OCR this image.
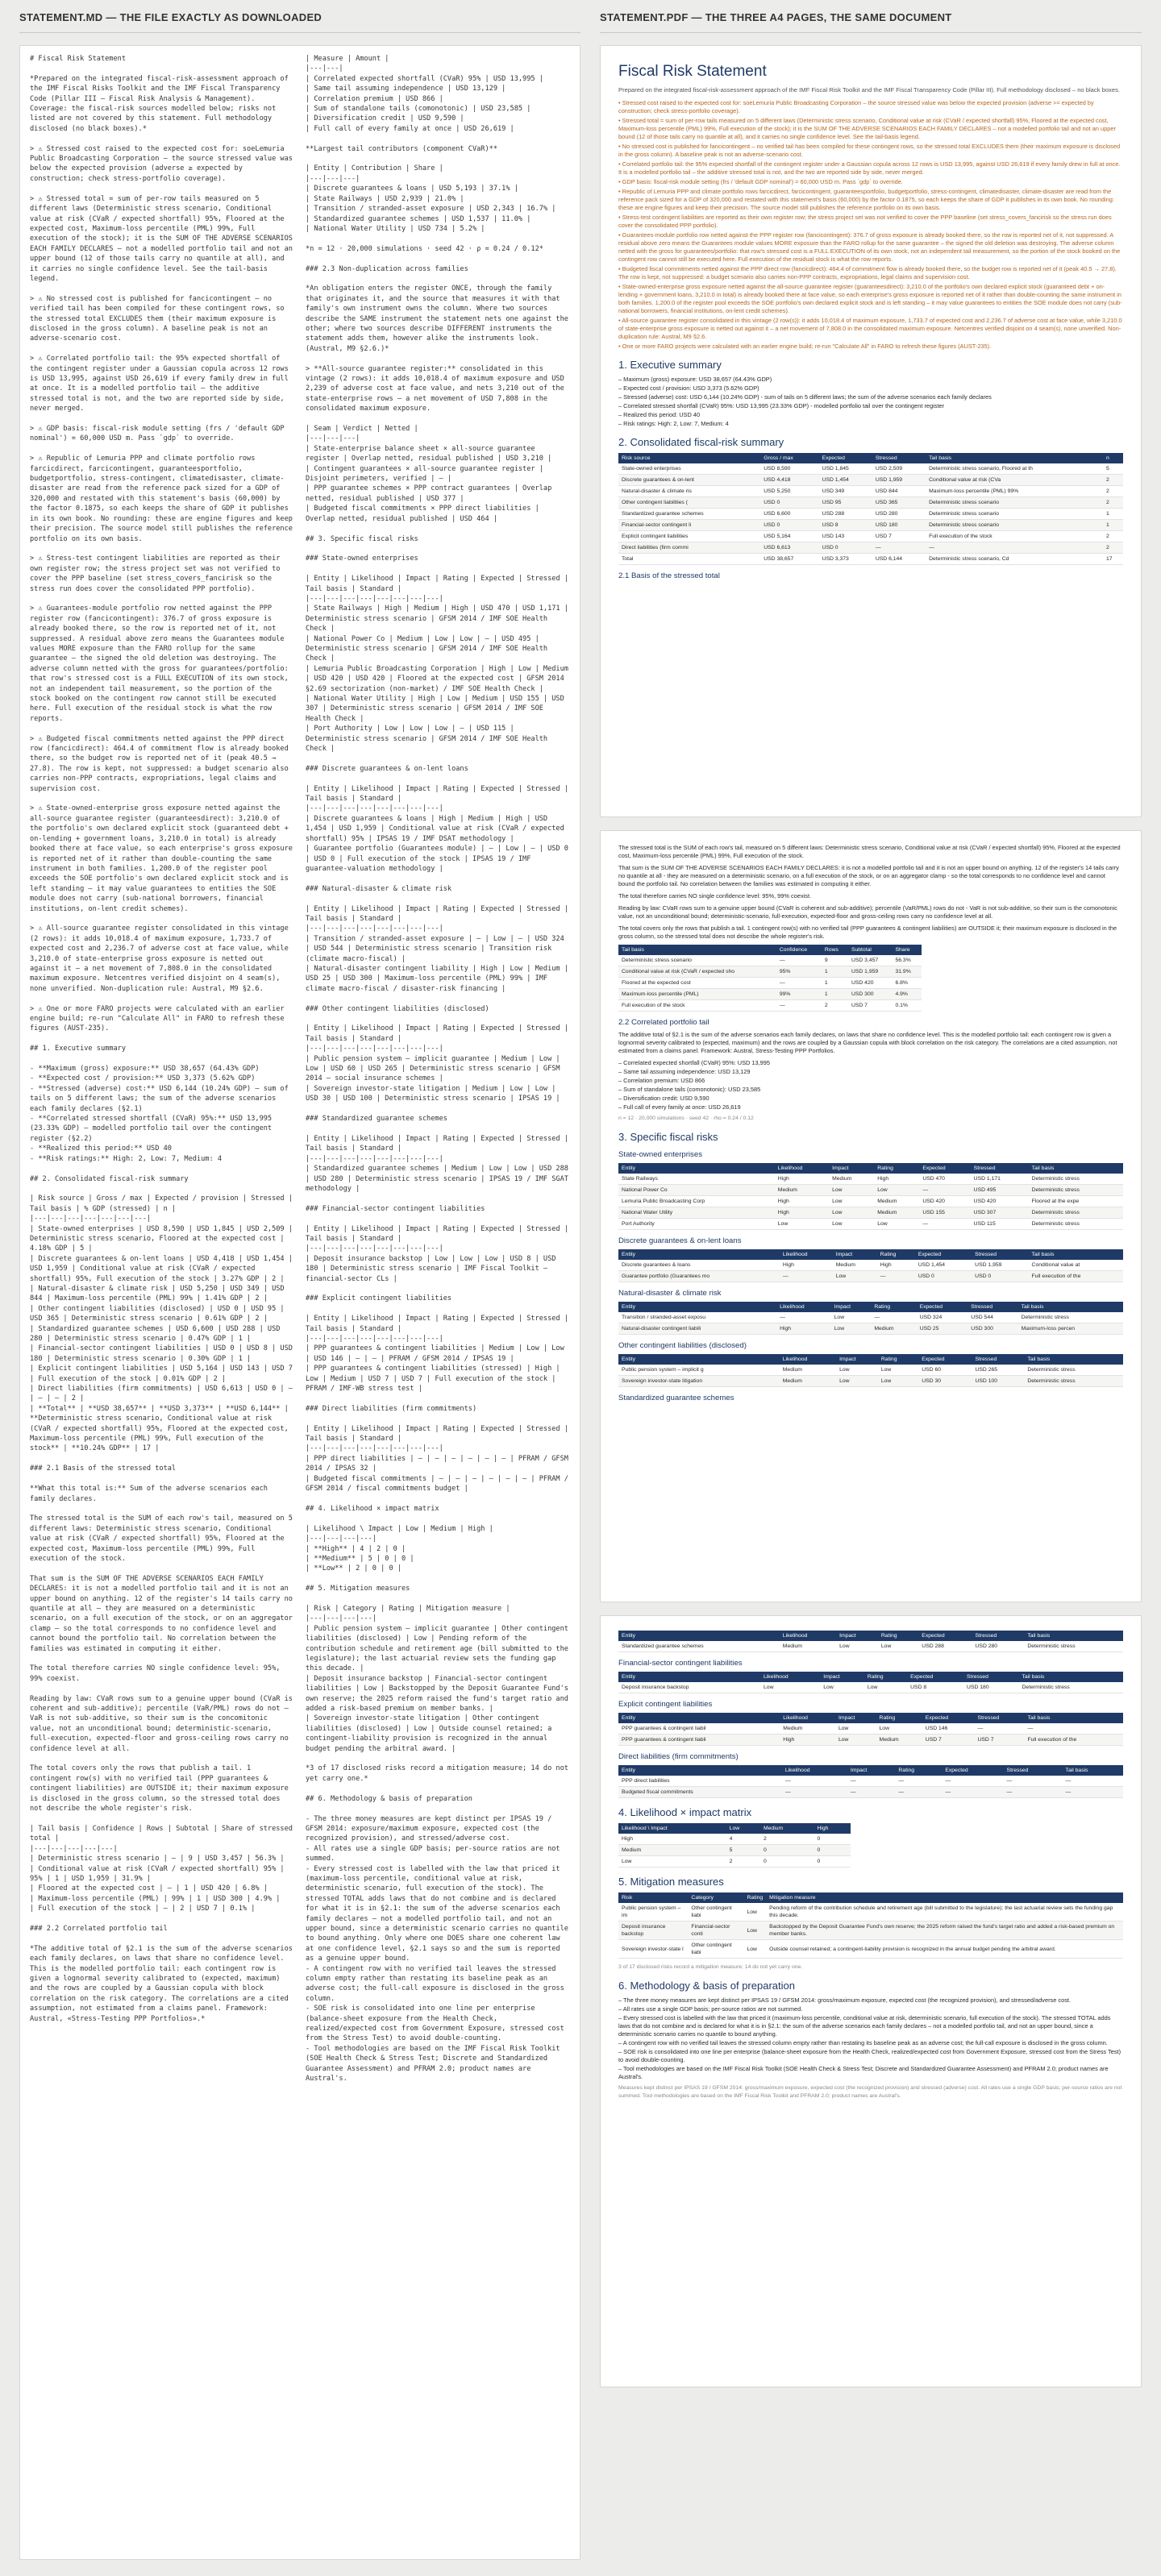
STATEMENT.MD — THE FILE EXACTLY AS DOWNLOADED	STATEMENT.PDF — THE THREE A4 PAGES, THE SAME DOCUMENT
# Fiscal Risk Statement

*Prepared on the integrated fiscal-risk-assessment approach of the IMF Fiscal Risks Toolkit and the IMF Fiscal Transparency Code (Pillar III — Fiscal Risk Analysis & Management). Coverage: the fiscal-risk sources modelled below; risks not listed are not covered by this statement. Full methodology disclosed (no black boxes).*

> ⚠ Stressed cost raised to the expected cost for: soeLemuria Public Broadcasting Corporation — the source stressed value was below the expected provision (adverse ≥ expected by construction; check stress-portfolio coverage).

> ⚠ Stressed total = sum of per-row tails measured on 5 different laws (Deterministic stress scenario, Conditional value at risk (CVaR / expected shortfall) 95%, Floored at the expected cost, Maximum-loss percentile (PML) 99%, Full execution of the stock); it is the SUM OF THE ADVERSE SCENARIOS EACH FAMILY DECLARES — not a modelled portfolio tail and not an upper bound (12 of those tails carry no quantile at all), and it carries no single confidence level. See the tail-basis legend.

> ⚠ No stressed cost is published for fancicontingent — no verified tail has been compiled for these contingent rows, so the stressed total EXCLUDES them (their maximum exposure is disclosed in the gross column). A baseline peak is not an adverse-scenario cost.

> ⚠ Correlated portfolio tail: the 95% expected shortfall of the contingent register under a Gaussian copula across 12 rows is USD 13,995, against USD 26,619 if every family drew in full at once. It is a modelled portfolio tail — the additive stressed total is not, and the two are reported side by side, never merged.

> ⚠ GDP basis: fiscal-risk module setting (frs / 'default GDP nominal') = 60,000 USD m. Pass `gdp` to override.

> ⚠ Republic of Lemuria PPP and climate portfolio rows farcicdirect, farcicontingent, guaranteesportfolio, budgetportfolio, stress-contingent, climatedisaster, climate-disaster are read from the reference pack sized for a GDP of 320,000 and restated with this statement's basis (60,000) by the factor 0.1875, so each keeps the share of GDP it publishes in its own book. No rounding: these are engine figures and keep their precision. The source model still publishes the reference portfolio on its own basis.

> ⚠ Stress-test contingent liabilities are reported as their own register row; the stress project set was not verified to cover the PPP baseline (set stress_covers_fancirisk so the stress run does cover the consolidated PPP portfolio).

> ⚠ Guarantees-module portfolio row netted against the PPP register row (fancicontingent): 376.7 of gross exposure is already booked there, so the row is reported net of it, not suppressed. A residual above zero means the Guarantees module values MORE exposure than the FARO rollup for the same guarantee — the signed the old deletion was destroying. The adverse column netted with the gross for guarantees/portfolio: that row's stressed cost is a FULL EXECUTION of its own stock, not an independent tail measurement, so the portion of the stock booked on the contingent row cannot still be executed here. Full execution of the residual stock is what the row reports.

> ⚠ Budgeted fiscal commitments netted against the PPP direct row (fancicdirect): 464.4 of commitment flow is already booked there, so the budget row is reported net of it (peak 40.5 → 27.8). The row is kept, not suppressed: a budget scenario also carries non-PPP contracts, expropriations, legal claims and supervision cost.

> ⚠ State-owned-enterprise gross exposure netted against the all-source guarantee register (guaranteesdirect): 3,210.0 of the portfolio's own declared explicit stock (guaranteed debt + on-lending + government loans, 3,210.0 in total) is already booked there at face value, so each enterprise's gross exposure is reported net of it rather than double-counting the same instrument in both families. 1,200.0 of the register pool exceeds the SOE portfolio's own declared explicit stock and is left standing — it may value guarantees to entities the SOE module does not carry (sub-national borrowers, financial institutions, on-lent credit schemes).

> ⚠ All-source guarantee register consolidated in this vintage (2 rows): it adds 10,018.4 of maximum exposure, 1,733.7 of expected cost and 2,236.7 of adverse cost at face value, while 3,210.0 of state-enterprise gross exposure is netted out against it — a net movement of 7,808.0 in the consolidated maximum exposure. Netcentres verified disjoint on 4 seam(s), none unverified. Non-duplication rule: Austral, M9 §2.6.

> ⚠ One or more FARO projects were calculated with an earlier engine build; re-run "Calculate All" in FARO to refresh these figures (AUST-235).

## 1. Executive summary

- **Maximum (gross) exposure:** USD 38,657 (64.43% GDP)
- **Expected cost / provision:** USD 3,373 (5.62% GDP)
- **Stressed (adverse) cost:** USD 6,144 (10.24% GDP) — sum of tails on 5 different laws; the sum of the adverse scenarios each family declares (§2.1)
- **Correlated stressed shortfall (CVaR) 95%:** USD 13,995 (23.33% GDP) — modelled portfolio tail over the contingent register (§2.2)
- **Realized this period:** USD 40
- **Risk ratings:** High: 2, Low: 7, Medium: 4

## 2. Consolidated fiscal-risk summary

| Risk source | Gross / max | Expected / provision | Stressed | Tail basis | % GDP (stressed) | n |
|---|---|---|---|---|---|---|
| State-owned enterprises | USD 8,590 | USD 1,845 | USD 2,509 | Deterministic stress scenario, Floored at the expected cost | 4.18% GDP | 5 |
| Discrete guarantees & on-lent loans | USD 4,418 | USD 1,454 | USD 1,959 | Conditional value at risk (CVaR / expected shortfall) 95%, Full execution of the stock | 3.27% GDP | 2 |
| Natural-disaster & climate risk | USD 5,250 | USD 349 | USD 844 | Maximum-loss percentile (PML) 99% | 1.41% GDP | 2 |
| Other contingent liabilities (disclosed) | USD 0 | USD 95 | USD 365 | Deterministic stress scenario | 0.61% GDP | 2 |
| Standardized guarantee schemes | USD 6,600 | USD 288 | USD 280 | Deterministic stress scenario | 0.47% GDP | 1 |
| Financial-sector contingent liabilities | USD 0 | USD 8 | USD 180 | Deterministic stress scenario | 0.30% GDP | 1 |
| Explicit contingent liabilities | USD 5,164 | USD 143 | USD 7 | Full execution of the stock | 0.01% GDP | 2 |
| Direct liabilities (firm commitments) | USD 6,613 | USD 0 | — | — | — | 2 |
| **Total** | **USD 38,657** | **USD 3,373** | **USD 6,144** | **Deterministic stress scenario, Conditional value at risk (CVaR / expected shortfall) 95%, Floored at the expected cost, Maximum-loss percentile (PML) 99%, Full execution of the stock** | **10.24% GDP** | 17 |

### 2.1 Basis of the stressed total

**What this total is:** Sum of the adverse scenarios each family declares.

The stressed total is the SUM of each row's tail, measured on 5 different laws: Deterministic stress scenario, Conditional value at risk (CVaR / expected shortfall) 95%, Floored at the expected cost, Maximum-loss percentile (PML) 99%, Full execution of the stock.

That sum is the SUM OF THE ADVERSE SCENARIOS EACH FAMILY DECLARES: it is not a modelled portfolio tail and it is not an upper bound on anything. 12 of the register's 14 tails carry no quantile at all — they are measured on a deterministic scenario, on a full execution of the stock, or on an aggregator clamp — so the total corresponds to no confidence level and cannot bound the portfolio tail. No correlation between the families was estimated in computing it either.

The total therefore carries NO single confidence level: 95%, 99% coexist.

Reading by law: CVaR rows sum to a genuine upper bound (CVaR is coherent and sub-additive); percentile (VaR/PML) rows do not — VaR is not sub-additive, so their sum is the concomitonic value, not an unconditional bound; deterministic-scenario, full-execution, expected-floor and gross-ceiling rows carry no confidence level at all.

The total covers only the rows that publish a tail. 1 contingent row(s) with no verified tail (PPP guarantees & contingent liabilities) are OUTSIDE it; their maximum exposure is disclosed in the gross column, so the stressed total does not describe the whole register's risk.

| Tail basis | Confidence | Rows | Subtotal | Share of stressed total |
|---|---|---|---|---|
| Deterministic stress scenario | — | 9 | USD 3,457 | 56.3% |
| Conditional value at risk (CVaR / expected shortfall) 95% | 95% | 1 | USD 1,959 | 31.9% |
| Floored at the expected cost | — | 1 | USD 420 | 6.8% |
| Maximum-loss percentile (PML) | 99% | 1 | USD 300 | 4.9% |
| Full execution of the stock | — | 2 | USD 7 | 0.1% |

### 2.2 Correlated portfolio tail

*The additive total of §2.1 is the sum of the adverse scenarios each family declares, on laws that share no confidence level. This is the modelled portfolio tail: each contingent row is given a lognormal severity calibrated to (expected, maximum) and the rows are coupled by a Gaussian copula with block correlation on the risk category. The correlations are a cited assumption, not estimated from a claims panel. Framework: Austral, «Stress-Testing PPP Portfolios».*
| Measure | Amount |
|---|---|
| Correlated expected shortfall (CVaR) 95% | USD 13,995 |
| Same tail assuming independence | USD 13,129 |
| Correlation premium | USD 866 |
| Sum of standalone tails (comonotonic) | USD 23,585 |
| Diversification credit | USD 9,590 |
| Full call of every family at once | USD 26,619 |

**Largest tail contributors (component CVaR)**

| Entity | Contribution | Share |
|---|---|---|
| Discrete guarantees & loans | USD 5,193 | 37.1% |
| State Railways | USD 2,939 | 21.0% |
| Transition / stranded-asset exposure | USD 2,343 | 16.7% |
| Standardized guarantee schemes | USD 1,537 | 11.0% |
| National Water Utility | USD 734 | 5.2% |

*n = 12 · 20,000 simulations · seed 42 · ρ = 0.24 / 0.12*

### 2.3 Non-duplication across families

*An obligation enters the register ONCE, through the family that originates it, and the source that measures it with that family's own instrument owns the column. Where two sources describe the SAME instrument the statement nets one against the other; where two sources describe DIFFERENT instruments the statement adds them, however alike the instruments look. (Austral, M9 §2.6.)*

> **All-source guarantee register:** consolidated in this vintage (2 rows): it adds 10,018.4 of maximum exposure and USD 2,239 of adverse cost at face value, and nets 3,210 out of the state-enterprise rows — a net movement of USD 7,808 in the consolidated maximum exposure.

| Seam | Verdict | Netted |
|---|---|---|
| State-enterprise balance sheet × all-source guarantee register | Overlap netted, residual published | USD 3,210 |
| Contingent guarantees × all-source guarantee register | Disjoint perimeters, verified | — |
| PPP guarantee schemes × PPP contract guarantees | Overlap netted, residual published | USD 377 |
| Budgeted fiscal commitments × PPP direct liabilities | Overlap netted, residual published | USD 464 |

## 3. Specific fiscal risks

### State-owned enterprises

| Entity | Likelihood | Impact | Rating | Expected | Stressed | Tail basis | Standard |
|---|---|---|---|---|---|---|---|
| State Railways | High | Medium | High | USD 470 | USD 1,171 | Deterministic stress scenario | GFSM 2014 / IMF SOE Health Check |
| National Power Co | Medium | Low | Low | — | USD 495 | Deterministic stress scenario | GFSM 2014 / IMF SOE Health Check |
| Lemuria Public Broadcasting Corporation | High | Low | Medium | USD 420 | USD 420 | Floored at the expected cost | GFSM 2014 §2.69 sectorization (non-market) / IMF SOE Health Check |
| National Water Utility | High | Low | Medium | USD 155 | USD 307 | Deterministic stress scenario | GFSM 2014 / IMF SOE Health Check |
| Port Authority | Low | Low | Low | — | USD 115 | Deterministic stress scenario | GFSM 2014 / IMF SOE Health Check |

### Discrete guarantees & on-lent loans

| Entity | Likelihood | Impact | Rating | Expected | Stressed | Tail basis | Standard |
|---|---|---|---|---|---|---|---|
| Discrete guarantees & loans | High | Medium | High | USD 1,454 | USD 1,959 | Conditional value at risk (CVaR / expected shortfall) 95% | IPSAS 19 / IMF DSAT methodology |
| Guarantee portfolio (Guarantees module) | — | Low | — | USD 0 | USD 0 | Full execution of the stock | IPSAS 19 / IMF guarantee-valuation methodology |

### Natural-disaster & climate risk

| Entity | Likelihood | Impact | Rating | Expected | Stressed | Tail basis | Standard |
|---|---|---|---|---|---|---|---|
| Transition / stranded-asset exposure | — | Low | — | USD 324 | USD 544 | Deterministic stress scenario | Transition risk (climate macro-fiscal) |
| Natural-disaster contingent liability | High | Low | Medium | USD 25 | USD 300 | Maximum-loss percentile (PML) 99% | IMF climate macro-fiscal / disaster-risk financing |

### Other contingent liabilities (disclosed)

| Entity | Likelihood | Impact | Rating | Expected | Stressed | Tail basis | Standard |
|---|---|---|---|---|---|---|---|
| Public pension system — implicit guarantee | Medium | Low | Low | USD 60 | USD 265 | Deterministic stress scenario | GFSM 2014 — social insurance schemes |
| Sovereign investor-state litigation | Medium | Low | Low | USD 30 | USD 100 | Deterministic stress scenario | IPSAS 19 |

### Standardized guarantee schemes

| Entity | Likelihood | Impact | Rating | Expected | Stressed | Tail basis | Standard |
|---|---|---|---|---|---|---|---|
| Standardized guarantee schemes | Medium | Low | Low | USD 288 | USD 280 | Deterministic stress scenario | IPSAS 19 / IMF SGAT methodology |

### Financial-sector contingent liabilities

| Entity | Likelihood | Impact | Rating | Expected | Stressed | Tail basis | Standard |
|---|---|---|---|---|---|---|---|
| Deposit insurance backstop | Low | Low | Low | USD 8 | USD 180 | Deterministic stress scenario | IMF Fiscal Toolkit — financial-sector CLs |

### Explicit contingent liabilities

| Entity | Likelihood | Impact | Rating | Expected | Stressed | Tail basis | Standard |
|---|---|---|---|---|---|---|---|
| PPP guarantees & contingent liabilities | Medium | Low | Low | USD 146 | — | — | PFRAM / GFSM 2014 / IPSAS 19 |
| PPP guarantees & contingent liabilities (stressed) | High | Low | Medium | USD 7 | USD 7 | Full execution of the stock | PFRAM / IMF-WB stress test |

### Direct liabilities (firm commitments)

| Entity | Likelihood | Impact | Rating | Expected | Stressed | Tail basis | Standard |
|---|---|---|---|---|---|---|---|
| PPP direct liabilities | — | — | — | — | — | — | PFRAM / GFSM 2014 / IPSAS 32 |
| Budgeted fiscal commitments | — | — | — | — | — | — | PFRAM / GFSM 2014 / fiscal commitments budget |

## 4. Likelihood × impact matrix

| Likelihood \ Impact | Low | Medium | High |
|---|---|---|---|
| **High** | 4 | 2 | 0 |
| **Medium** | 5 | 0 | 0 |
| **Low** | 2 | 0 | 0 |

## 5. Mitigation measures

| Risk | Category | Rating | Mitigation measure |
|---|---|---|---|
| Public pension system — implicit guarantee | Other contingent liabilities (disclosed) | Low | Pending reform of the contribution schedule and retirement age (bill submitted to the legislature); the last actuarial review sets the funding gap this decade. |
| Deposit insurance backstop | Financial-sector contingent liabilities | Low | Backstopped by the Deposit Guarantee Fund's own reserve; the 2025 reform raised the fund's target ratio and added a risk-based premium on member banks. |
| Sovereign investor-state litigation | Other contingent liabilities (disclosed) | Low | Outside counsel retained; a contingent-liability provision is recognized in the annual budget pending the arbitral award. |

*3 of 17 disclosed risks record a mitigation measure; 14 do not yet carry one.*

## 6. Methodology & basis of preparation

- The three money measures are kept distinct per IPSAS 19 / GFSM 2014: exposure/maximum exposure, expected cost (the recognized provision), and stressed/adverse cost.
- All rates use a single GDP basis; per-source ratios are not summed.
- Every stressed cost is labelled with the law that priced it (maximum-loss percentile, conditional value at risk, deterministic scenario, full execution of the stock). The stressed TOTAL adds laws that do not combine and is declared for what it is in §2.1: the sum of the adverse scenarios each family declares — not a modelled portfolio tail, and not an upper bound, since a deterministic scenario carries no quantile to bound anything. Only where one DOES share one coherent law at one confidence level, §2.1 says so and the sum is reported as a genuine upper bound.
- A contingent row with no verified tail leaves the stressed column empty rather than restating its baseline peak as an adverse cost; the full-call exposure is disclosed in the gross column.
- SOE risk is consolidated into one line per enterprise (balance-sheet exposure from the Health Check, realized/expected cost from Government Exposure, stressed cost from the Stress Test) to avoid double-counting.
- Tool methodologies are based on the IMF Fiscal Risk Toolkit (SOE Health Check & Stress Test; Discrete and Standardized Guarantee Assessment) and PFRAM 2.0; product names are Austral's.
Fiscal Risk Statement
Prepared on the integrated fiscal-risk-assessment approach of the IMF Fiscal Risk Toolkit and the IMF Fiscal Transparency Code (Pillar III). Full methodology disclosed – no black boxes.
• Stressed cost raised to the expected cost for: soeLemuria Public Broadcasting Corporation – the source stressed value was below the expected provision (adverse >= expected by construction; check stress-portfolio coverage).
• Stressed total = sum of per-row tails measured on 5 different laws (Deterministic stress scenario, Conditional value at risk (CVaR / expected shortfall) 95%, Floored at the expected cost, Maximum-loss percentile (PML) 99%, Full execution of the stock); it is the SUM OF THE ADVERSE SCENARIOS EACH FAMILY DECLARES – not a modelled portfolio tail and not an upper bound (12 of those tails carry no quantile at all), and it carries no single confidence level. See the tail-basis legend.
• No stressed cost is published for fancicontingent – no verified tail has been compiled for these contingent rows, so the stressed total EXCLUDES them (their maximum exposure is disclosed in the gross column). A baseline peak is not an adverse-scenario cost.
• Correlated portfolio tail: the 95% expected shortfall of the contingent register under a Gaussian copula across 12 rows is USD 13,995, against USD 26,619 if every family drew in full at once. It is a modelled portfolio tail – the additive stressed total is not, and the two are reported side by side, never merged.
• GDP basis: fiscal-risk module setting (frs / 'default GDP nominal') = 60,000 USD m. Pass `gdp` to override.
• Republic of Lemuria PPP and climate portfolio rows farcicdirect, farcicontingent, guaranteesportfolio, budgetportfolio, stress-contingent, climatedisaster, climate-disaster are read from the reference pack sized for a GDP of 320,000 and restated with this statement's basis (60,000) by the factor 0.1875, so each keeps the share of GDP it publishes in its own book. No rounding: these are engine figures and keep their precision. The source model still publishes the reference portfolio on its own basis.
• Stress-test contingent liabilities are reported as their own register row; the stress project set was not verified to cover the PPP baseline (set stress_covers_fancirisk so the stress run does cover the consolidated PPP portfolio).
• Guarantees-module portfolio row netted against the PPP register row (fancicontingent): 376.7 of gross exposure is already booked there, so the row is reported net of it, not suppressed. A residual above zero means the Guarantees module values MORE exposure than the FARO rollup for the same guarantee – the signed the old deletion was destroying. The adverse column netted with the gross for guarantees/portfolio: that row's stressed cost is a FULL EXECUTION of its own stock, not an independent tail measurement, so the portion of the stock booked on the contingent row cannot still be executed here. Full execution of the residual stock is what the row reports.
• Budgeted fiscal commitments netted against the PPP direct row (fancicdirect): 464.4 of commitment flow is already booked there, so the budget row is reported net of it (peak 40.5 → 27.8). The row is kept, not suppressed: a budget scenario also carries non-PPP contracts, expropriations, legal claims and supervision cost.
• State-owned-enterprise gross exposure netted against the all-source guarantee register (guaranteesdirect): 3,210.0 of the portfolio's own declared explicit stock (guaranteed debt + on-lending + government loans, 3,210.0 in total) is already booked there at face value, so each enterprise's gross exposure is reported net of it rather than double-counting the same instrument in both families. 1,200.0 of the register pool exceeds the SOE portfolio's own declared explicit stock and is left standing – it may value guarantees to entities the SOE module does not carry (sub-national borrowers, financial institutions, on-lent credit schemes).
• All-source guarantee register consolidated in this vintage (2 row(s)): it adds 10,018.4 of maximum exposure, 1,733.7 of expected cost and 2,236.7 of adverse cost at face value, while 3,210.0 of state-enterprise gross exposure is netted out against it – a net movement of 7,808.0 in the consolidated maximum exposure. Netcentres verified disjoint on 4 seam(s), none unverified. Non-duplication rule: Austral, M9 §2.6.
• One or more FARO projects were calculated with an earlier engine build; re-run "Calculate All" in FARO to refresh these figures (AUST-235).
1. Executive summary
– Maximum (gross) exposure: USD 38,657 (64.43% GDP)
– Expected cost / provision: USD 3,373 (5.62% GDP)
– Stressed (adverse) cost: USD 6,144 (10.24% GDP) - sum of tails on 5 different laws; the sum of the adverse scenarios each family declares
– Correlated stressed shortfall (CVaR) 95%: USD 13,995 (23.33% GDP) - modelled portfolio tail over the contingent register
– Realized this period: USD 40
– Risk ratings: High: 2, Low: 7, Medium: 4
2. Consolidated fiscal-risk summary
Risk source	Gross / max	Expected	Stressed	Tail basis	n
State-owned enterprises	USD 8,590	USD 1,845	USD 2,509	Deterministic stress scenario, Floored at th	5
Discrete guarantees & on-lent	USD 4,418	USD 1,454	USD 1,959	Conditional value at risk (CVa	2
Natural-disaster & climate ris	USD 5,250	USD 349	USD 844	Maximum-loss percentile (PML) 99%	2
Other contingent liabilities (	USD 0	USD 95	USD 365	Deterministic stress scenario	2
Standardized guarantee schemes	USD 6,600	USD 288	USD 280	Deterministic stress scenario	1
Financial-sector contingent li	USD 0	USD 8	USD 180	Deterministic stress scenario	1
Explicit contingent liabilities	USD 5,164	USD 143	USD 7	Full execution of the stock	2
Direct liabilities (firm commi	USD 6,613	USD 0	—	—	2
Total	USD 38,657	USD 3,373	USD 6,144	Deterministic stress scenario, Cd	17
2.1 Basis of the stressed total

The stressed total is the SUM of each row's tail, measured on 5 different laws: Deterministic stress scenario, Conditional value at risk (CVaR / expected shortfall) 95%, Floored at the expected cost, Maximum-loss percentile (PML) 99%, Full execution of the stock.

That sum is the SUM OF THE ADVERSE SCENARIOS EACH FAMILY DECLARES: it is not a modelled portfolio tail and it is not an upper bound on anything. 12 of the register's 14 tails carry no quantile at all - they are measured on a deterministic scenario, on a full execution of the stock, or on an aggregator clamp - so the total corresponds to no confidence level and cannot bound the portfolio tail. No correlation between the families was estimated in computing it either.

The total therefore carries NO single confidence level: 95%, 99% coexist.

Reading by law: CVaR rows sum to a genuine upper bound (CVaR is coherent and sub-additive); percentile (VaR/PML) rows do not - VaR is not sub-additive, so their sum is the comonotonic value, not an unconditional bound; deterministic-scenario, full-execution, expected-floor and gross-ceiling rows carry no confidence level at all.

The total covers only the rows that publish a tail. 1 contingent row(s) with no verified tail (PPP guarantees & contingent liabilities) are OUTSIDE it; their maximum exposure is disclosed in the gross column, so the stressed total does not describe the whole register's risk.

Tail basis	Confidence	Rows	Subtotal	Share
Deterministic stress scenario	—	9	USD 3,457	56.3%
Conditional value at risk (CVaR / expected sho	95%	1	USD 1,959	31.9%
Floored at the expected cost	—	1	USD 420	6.8%
Maximum-loss percentile (PML)	99%	1	USD 300	4.9%
Full execution of the stock	—	2	USD 7	0.1%
2.2 Correlated portfolio tail

The additive total of §2.1 is the sum of the adverse scenarios each family declares, on laws that share no confidence level. This is the modelled portfolio tail: each contingent row is given a lognormal severity calibrated to (expected, maximum) and the rows are coupled by a Gaussian copula with block correlation on the risk category. The correlations are a cited assumption, not estimated from a claims panel. Framework: Austral, Stress-Testing PPP Portfolios.

– Correlated expected shortfall (CVaR) 95%: USD 13,995
– Same tail assuming independence: USD 13,129
– Correlation premium: USD 866
– Sum of standalone tails (comonotonic): USD 23,585
– Diversification credit: USD 9,590
– Full call of every family at once: USD 26,619
n = 12 · 20,000 simulations · seed 42 · rho = 0.24 / 0.12
3. Specific fiscal risks
State-owned enterprises
Entity	Likelihood	Impact	Rating	Expected	Stressed	Tail basis
State Railways	High	Medium	High	USD 470	USD 1,171	Deterministic stress
National Power Co	Medium	Low	Low	—	USD 495	Deterministic stress
Lemuria Public Broadcasting Corp	High	Low	Medium	USD 420	USD 420	Floored at the expe
National Water Utility	High	Low	Medium	USD 155	USD 307	Deterministic stress
Port Authority	Low	Low	Low	—	USD 115	Deterministic stress
Discrete guarantees & on-lent loans
Entity	Likelihood	Impact	Rating	Expected	Stressed	Tail basis
Discrete guarantees & loans	High	Medium	High	USD 1,454	USD 1,959	Conditional value at
Guarantee portfolio (Guarantees mo	—	Low	—	USD 0	USD 0	Full execution of the
Natural-disaster & climate risk
Entity	Likelihood	Impact	Rating	Expected	Stressed	Tail basis
Transition / stranded-asset exposu	—	Low	—	USD 324	USD 544	Deterministic stress
Natural-disaster contingent liabili	High	Low	Medium	USD 25	USD 300	Maximum-loss percen
Other contingent liabilities (disclosed)
Entity	Likelihood	Impact	Rating	Expected	Stressed	Tail basis
Public pension system – implicit g	Medium	Low	Low	USD 60	USD 265	Deterministic stress
Sovereign investor-state litigation	Medium	Low	Low	USD 30	USD 100	Deterministic stress
Standardized guarantee schemes
Entity	Likelihood	Impact	Rating	Expected	Stressed	Tail basis
Standardized guarantee schemes	Medium	Low	Low	USD 288	USD 280	Deterministic stress
Financial-sector contingent liabilities
Entity	Likelihood	Impact	Rating	Expected	Stressed	Tail basis
Deposit insurance backstop	Low	Low	Low	USD 8	USD 180	Deterministic stress
Explicit contingent liabilities
Entity	Likelihood	Impact	Rating	Expected	Stressed	Tail basis
PPP guarantees & contingent liabil	Medium	Low	Low	USD 146	—	—
PPP guarantees & contingent liabil	High	Low	Medium	USD 7	USD 7	Full execution of the
Direct liabilities (firm commitments)
Entity	Likelihood	Impact	Rating	Expected	Stressed	Tail basis
PPP direct liabilities	—	—	—	—	—	—
Budgeted fiscal commitments	—	—	—	—	—	—
4. Likelihood × impact matrix
Likelihood \ Impact	Low	Medium	High
High	4	2	0
Medium	5	0	0
Low	2	0	0
5. Mitigation measures
Risk	Category	Rating	Mitigation measure
Public pension system – im	Other contingent liabi	Low	Pending reform of the contribution schedule and retirement age (bill submitted to the legislature); the last actuarial review sets the funding gap this decade.
Deposit insurance backstop	Financial-sector conti	Low	Backstopped by the Deposit Guarantee Fund's own reserve; the 2025 reform raised the fund's target ratio and added a risk-based premium on member banks.
Sovereign investor-state l	Other contingent liabi	Low	Outside counsel retained; a contingent-liability provision is recognized in the annual budget pending the arbitral award.
3 of 17 disclosed risks record a mitigation measure; 14 do not yet carry one.
6. Methodology & basis of preparation
– The three money measures are kept distinct per IPSAS 19 / GFSM 2014: gross/maximum exposure, expected cost (the recognized provision), and stressed/adverse cost.
– All rates use a single GDP basis; per-source ratios are not summed.
– Every stressed cost is labelled with the law that priced it (maximum-loss percentile, conditional value at risk, deterministic scenario, full execution of the stock). The stressed TOTAL adds laws that do not combine and is declared for what it is in §2.1: the sum of the adverse scenarios each family declares – not a modelled portfolio tail, and not an upper bound, since a deterministic scenario carries no quantile to bound anything.
– A contingent row with no verified tail leaves the stressed column empty rather than restating its baseline peak as an adverse cost; the full-call exposure is disclosed in the gross column.
– SOE risk is consolidated into one line per enterprise (balance-sheet exposure from the Health Check, realized/expected cost from Government Exposure, stressed cost from the Stress Test) to avoid double-counting.
– Tool methodologies are based on the IMF Fiscal Risk Toolkit (SOE Health Check & Stress Test; Discrete and Standardized Guarantee Assessment) and PFRAM 2.0; product names are Austral's.
Measures kept distinct per IPSAS 19 / GFSM 2014: gross/maximum exposure, expected cost (the recognized provision) and stressed (adverse) cost. All rates use a single GDP basis; per-source ratios are not summed. Tool methodologies are based on the IMF Fiscal Risk Toolkit and PFRAM 2.0; product names are Austral's.
